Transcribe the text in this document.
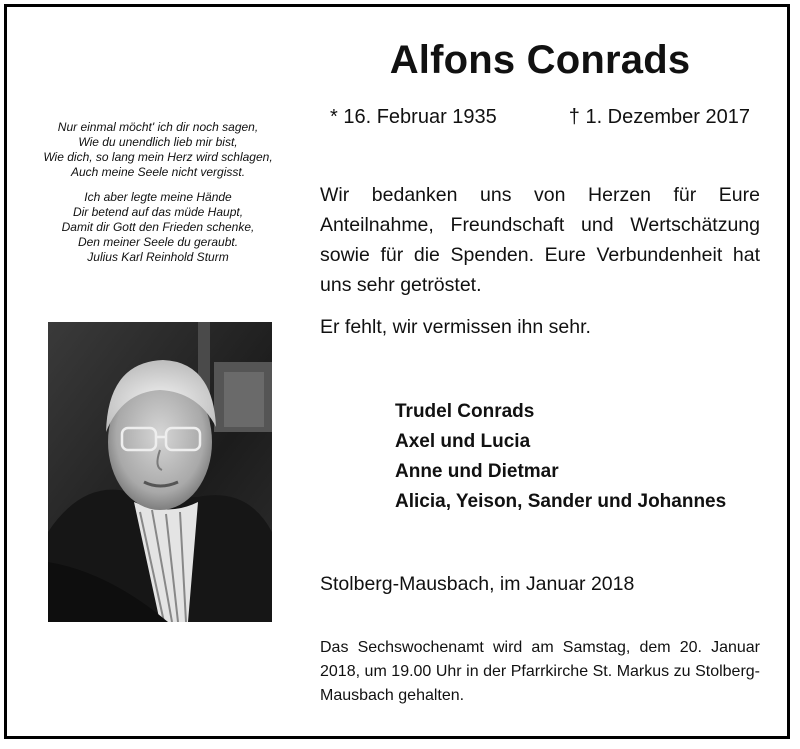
Alfons Conrads
* 16. Februar 1935	† 1. Dezember 2017
Nur einmal möcht' ich dir noch sagen,
Wie du unendlich lieb mir bist,
Wie dich, so lang mein Herz wird schlagen,
Auch meine Seele nicht vergisst.
Ich aber legte meine Hände
Dir betend auf das müde Haupt,
Damit dir Gott den Frieden schenke,
Den meiner Seele du geraubt.
Julius Karl Reinhold Sturm
Wir bedanken uns von Herzen für Eure Anteilnahme, Freundschaft und Wertschätzung sowie für die Spenden. Eure Verbundenheit hat uns sehr getröstet.
Er fehlt, wir vermissen ihn sehr.
Trudel Conrads
Axel und Lucia
Anne und Dietmar
Alicia, Yeison, Sander und Johannes
Stolberg-Mausbach, im Januar 2018
Das Sechswochenamt wird am Samstag, dem 20. Januar 2018, um 19.00 Uhr in der Pfarrkirche St. Markus zu Stolberg-Mausbach gehalten.
